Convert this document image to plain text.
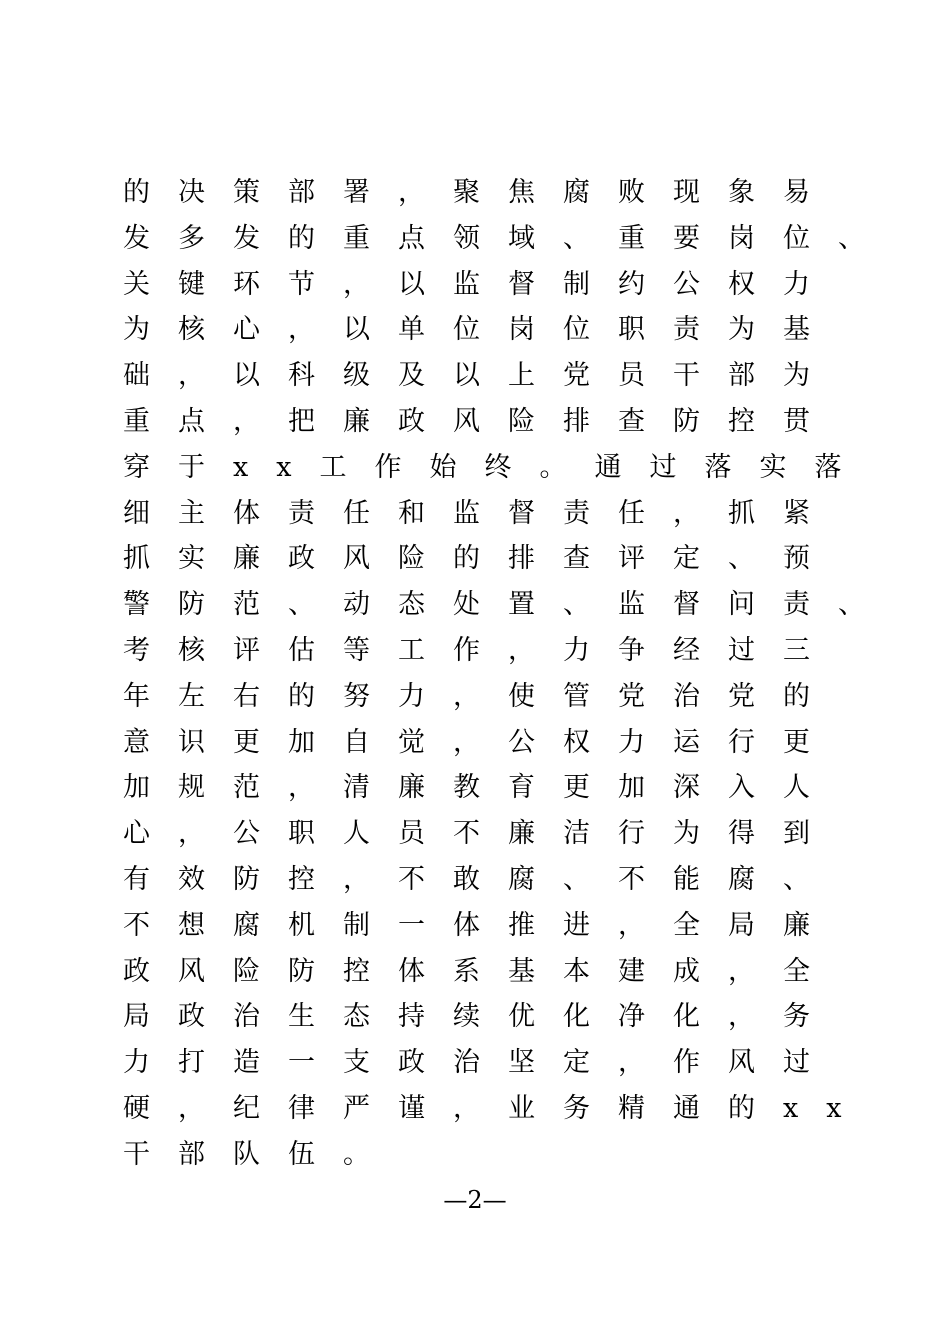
的决策部署，聚焦腐败现象易
发多发的重点领域、重要岗位、
关键环节，以监督制约公权力
为核心，以单位岗位职责为基
础，以科级及以上党员干部为
重点，把廉政风险排查防控贯
穿于xx工作始终。通过落实落
细主体责任和监督责任，抓紧
抓实廉政风险的排查评定、预
警防范、动态处置、监督问责、
考核评估等工作，力争经过三
年左右的努力，使管党治党的
意识更加自觉，公权力运行更
加规范，清廉教育更加深入人
心，公职人员不廉洁行为得到
有效防控，不敢腐、不能腐、
不想腐机制一体推进，全局廉
政风险防控体系基本建成，全
局政治生态持续优化净化，务
力打造一支政治坚定，作风过
硬，纪律严谨，业务精通的xx
干部队伍。
—2—
